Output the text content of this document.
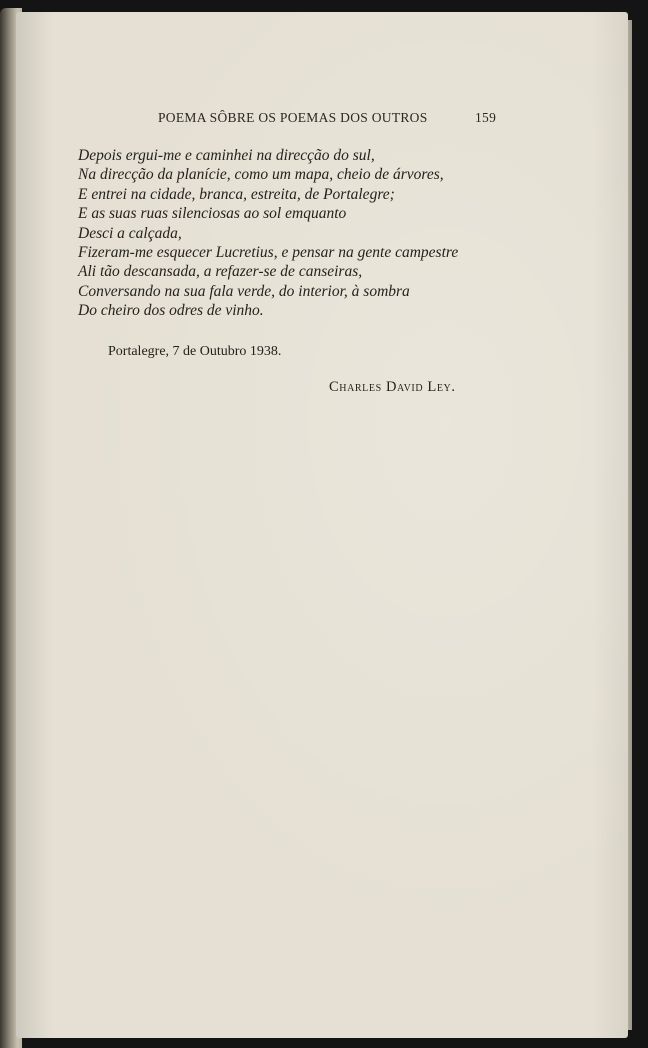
POEMA SÔBRE OS POEMAS DOS OUTROS	159
Depois ergui-me e caminhei na direcção do sul,
Na direcção da planície, como um mapa, cheio de árvores,
E entrei na cidade, branca, estreita, de Portalegre;
E as suas ruas silenciosas ao sol emquanto
Desci a calçada,
Fizeram-me esquecer Lucretius, e pensar na gente campestre
Ali tão descansada, a refazer-se de canseiras,
Conversando na sua fala verde, do interior, à sombra
Do cheiro dos odres de vinho.
Portalegre, 7 de Outubro 1938.
Charles David Ley.
